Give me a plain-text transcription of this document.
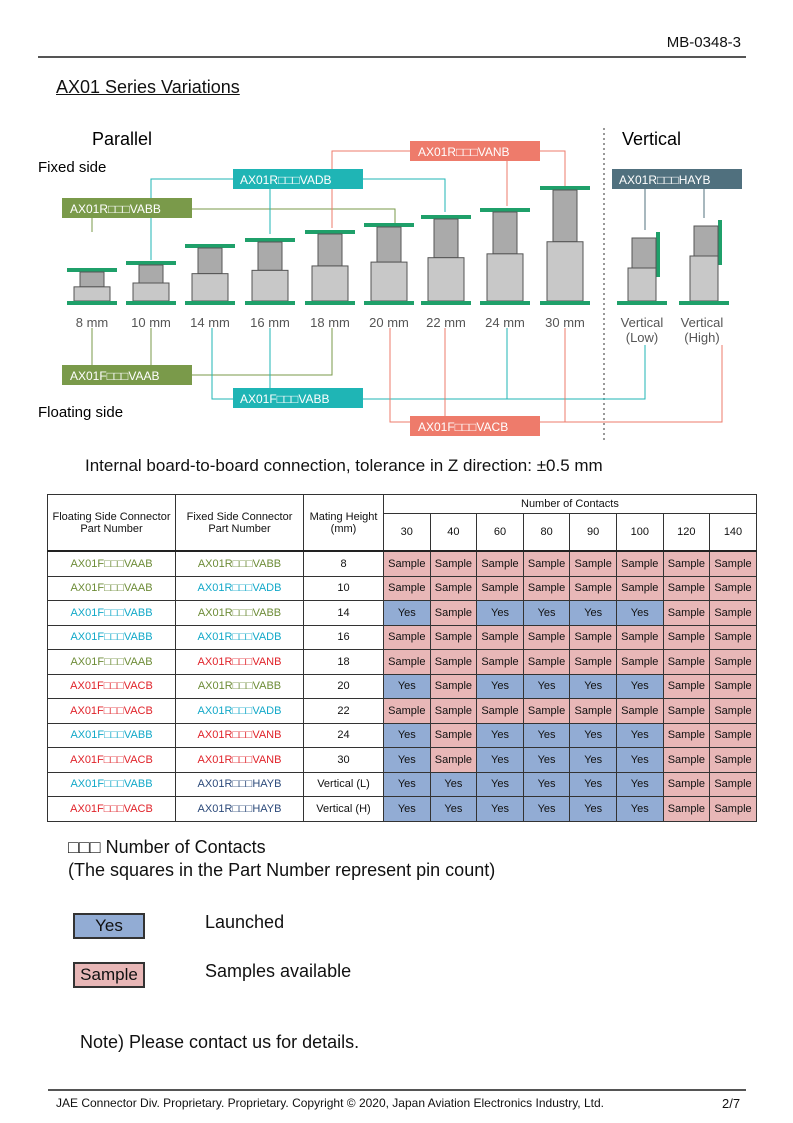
MB-0348-3
AX01 Series Variations
Parallel	Vertical
Fixed side
Floating side
AX01R□□□VABB
AX01R□□□VADB
AX01R□□□VANB
AX01R□□□HAYB
AX01F□□□VAAB
AX01F□□□VABB
AX01F□□□VACB
8 mm 10 mm 14 mm 16 mm 18 mm 20 mm 22 mm 24 mm 30 mm	Vertical
(Low)
Vertical
(High)
Internal board-to-board connection, tolerance in Z direction: ±0.5 mm
Floating Side Connector Part Number	Fixed Side Connector Part Number	Mating Height (mm)	Number of Contacts							
			30	40	60	80	90	100	120	140
AX01F□□□VAAB	AX01R□□□VABB	8	Sample	Sample	Sample	Sample	Sample	Sample	Sample	Sample
AX01F□□□VAAB	AX01R□□□VADB	10	Sample	Sample	Sample	Sample	Sample	Sample	Sample	Sample
AX01F□□□VABB	AX01R□□□VABB	14	Yes	Sample	Yes	Yes	Yes	Yes	Sample	Sample
AX01F□□□VABB	AX01R□□□VADB	16	Sample	Sample	Sample	Sample	Sample	Sample	Sample	Sample
AX01F□□□VAAB	AX01R□□□VANB	18	Sample	Sample	Sample	Sample	Sample	Sample	Sample	Sample
AX01F□□□VACB	AX01R□□□VABB	20	Yes	Sample	Yes	Yes	Yes	Yes	Sample	Sample
AX01F□□□VACB	AX01R□□□VADB	22	Sample	Sample	Sample	Sample	Sample	Sample	Sample	Sample
AX01F□□□VABB	AX01R□□□VANB	24	Yes	Sample	Yes	Yes	Yes	Yes	Sample	Sample
AX01F□□□VACB	AX01R□□□VANB	30	Yes	Sample	Yes	Yes	Yes	Yes	Sample	Sample
AX01F□□□VABB	AX01R□□□HAYB	Vertical (L)	Yes	Yes	Yes	Yes	Yes	Yes	Sample	Sample
AX01F□□□VACB	AX01R□□□HAYB	Vertical (H)	Yes	Yes	Yes	Yes	Yes	Yes	Sample	Sample
□□□ Number of Contacts
(The squares in the Part Number represent pin count)
Yes	Launched
Sample	Samples available
Note) Please contact us for details.
JAE Connector Div. Proprietary. Proprietary. Copyright © 2020, Japan Aviation Electronics Industry, Ltd.	2/7
